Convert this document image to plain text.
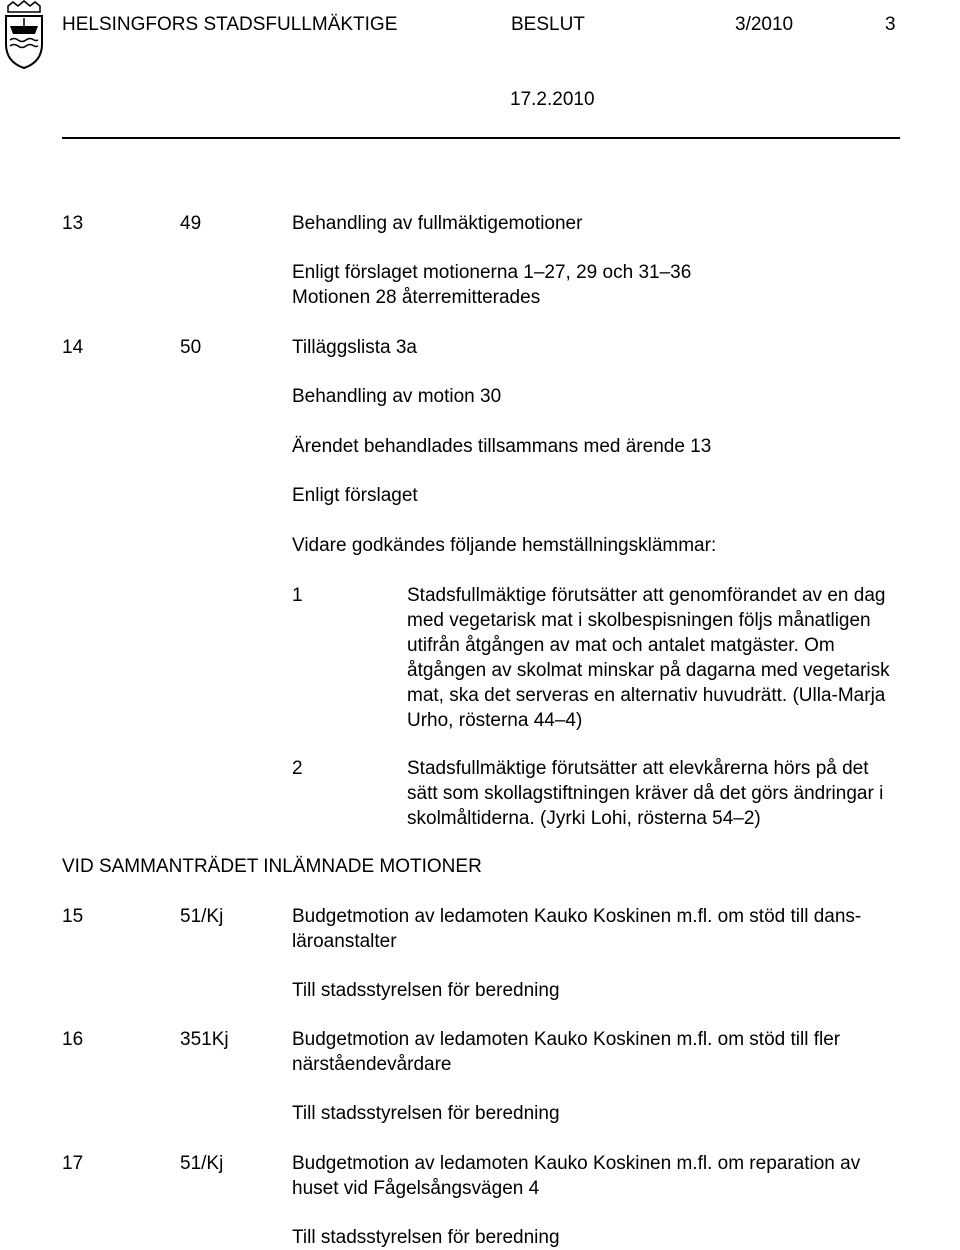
HELSINGFORS STADSFULLMÄKTIGE	BESLUT	3/2010	3
17.2.2010
13	49	Behandling av fullmäktigemotioner
Enligt förslaget motionerna 1–27, 29 och 31–36
Motionen 28 återremitterades
14	50	Tilläggslista 3a
Behandling av motion 30
Ärendet behandlades tillsammans med ärende 13
Enligt förslaget
Vidare godkändes följande hemställningsklämmar:
1	Stadsfullmäktige förutsätter att genomförandet av en dag
med vegetarisk mat i skolbespisningen följs månatligen
utifrån åtgången av mat och antalet matgäster. Om
åtgången av skolmat minskar på dagarna med vegetarisk
mat, ska det serveras en alternativ huvudrätt. (Ulla-Marja
Urho, rösterna 44–4)
2	Stadsfullmäktige förutsätter att elevkårerna hörs på det
sätt som skollagstiftningen kräver då det görs ändringar i
skolmåltiderna. (Jyrki Lohi, rösterna 54–2)
VID SAMMANTRÄDET INLÄMNADE MOTIONER
15	51/Kj	Budgetmotion av ledamoten Kauko Koskinen m.fl. om stöd till dans-
läroanstalter
Till stadsstyrelsen för beredning
16	351Kj	Budgetmotion av ledamoten Kauko Koskinen m.fl. om stöd till fler
närståendevårdare
Till stadsstyrelsen för beredning
17	51/Kj	Budgetmotion av ledamoten Kauko Koskinen m.fl. om reparation av
huset vid Fågelsångsvägen 4
Till stadsstyrelsen för beredning
